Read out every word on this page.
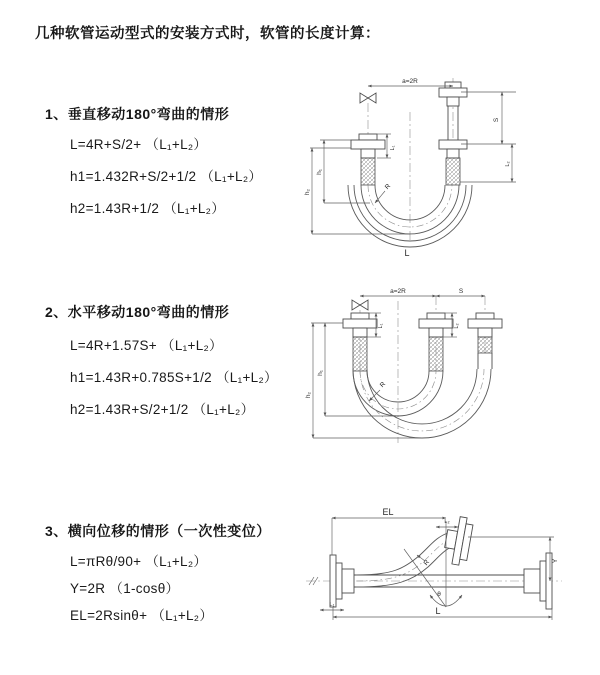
几种软管运动型式的安装方式时，软管的长度计算：
1、垂直移动180°弯曲的情形
L=4R+S/2+ （L₁+L₂）
h1=1.432R+S/2+1/2 （L₁+L₂）
h2=1.43R+1/2 （L₁+L₂）
a=2R
L₁
S
L₂
h₁
h₂
R
L
2、水平移动180°弯曲的情形
L=4R+1.57S+ （L₁+L₂）
h1=1.43R+0.785S+1/2 （L₁+L₂）
h2=1.43R+S/2+1/2 （L₁+L₂）
a=2R	S
L₁	L₂
h₁
h₂
R
3、横向位移的情形（一次性变位）
L=πRθ/90+ （L₁+L₂）
Y=2R （1-cosθ）
EL=2Rsinθ+ （L₁+L₂）
θ
EL
L₂
Y
R
L₁
L
